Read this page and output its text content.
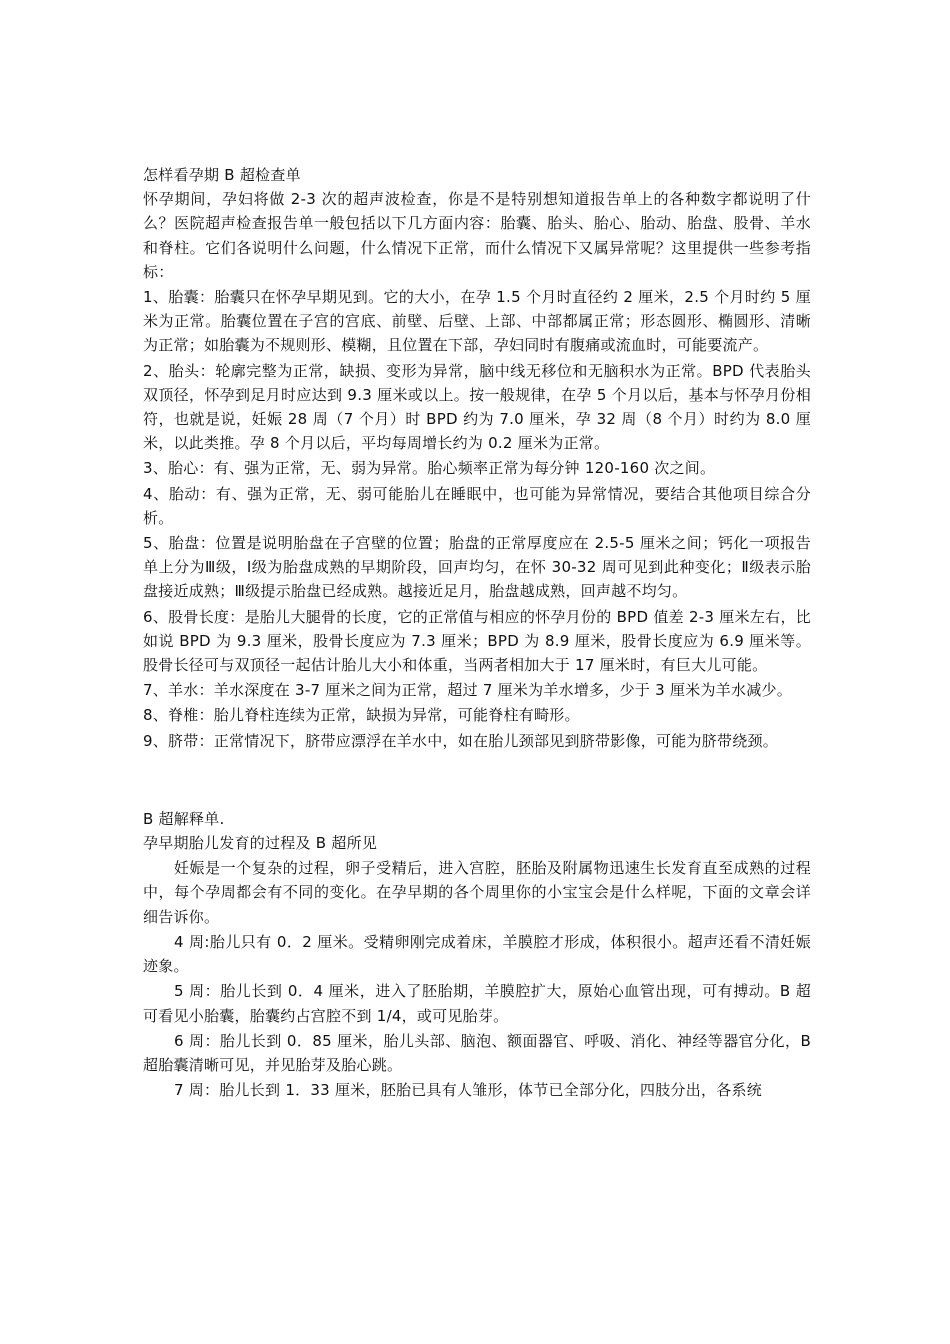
怎样看孕期 B 超检查单

怀孕期间，孕妇将做 2-3 次的超声波检查，你是不是特别想知道报告单上的各种数字都说明了什么？医院超声检查报告单一般包括以下几方面内容：胎囊、胎头、胎心、胎动、胎盘、股骨、羊水和脊柱。它们各说明什么问题，什么情况下正常，而什么情况下又属异常呢？这里提供一些参考指标：

1、胎囊：胎囊只在怀孕早期见到。它的大小，在孕 1.5 个月时直径约 2 厘米，2.5 个月时约 5 厘米为正常。胎囊位置在子宫的宫底、前壁、后壁、上部、中部都属正常；形态圆形、椭圆形、清晰为正常；如胎囊为不规则形、模糊，且位置在下部，孕妇同时有腹痛或流血时，可能要流产。

2、胎头：轮廓完整为正常，缺损、变形为异常，脑中线无移位和无脑积水为正常。BPD 代表胎头双顶径，怀孕到足月时应达到 9.3 厘米或以上。按一般规律，在孕 5 个月以后，基本与怀孕月份相符，也就是说，妊娠 28 周（7 个月）时 BPD 约为 7.0 厘米，孕 32 周（8 个月）时约为 8.0 厘米，以此类推。孕 8 个月以后，平均每周增长约为 0.2 厘米为正常。

3、胎心：有、强为正常，无、弱为异常。胎心频率正常为每分钟 120-160 次之间。

4、胎动：有、强为正常，无、弱可能胎儿在睡眠中，也可能为异常情况，要结合其他项目综合分析。

5、胎盘：位置是说明胎盘在子宫壁的位置；胎盘的正常厚度应在 2.5-5 厘米之间；钙化一项报告单上分为Ⅲ级，Ⅰ级为胎盘成熟的早期阶段，回声均匀，在怀 30-32 周可见到此种变化；Ⅱ级表示胎盘接近成熟；Ⅲ级提示胎盘已经成熟。越接近足月，胎盘越成熟，回声越不均匀。

6、股骨长度：是胎儿大腿骨的长度，它的正常值与相应的怀孕月份的 BPD 值差 2-3 厘米左右，比如说 BPD 为 9.3 厘米，股骨长度应为 7.3 厘米；BPD 为 8.9 厘米，股骨长度应为 6.9 厘米等。股骨长径可与双顶径一起估计胎儿大小和体重，当两者相加大于 17 厘米时，有巨大儿可能。

7、羊水：羊水深度在 3-7 厘米之间为正常，超过 7 厘米为羊水增多，少于 3 厘米为羊水减少。

8、脊椎：胎儿脊柱连续为正常，缺损为异常，可能脊柱有畸形。

9、脐带：正常情况下，脐带应漂浮在羊水中，如在胎儿颈部见到脐带影像，可能为脐带绕颈。

B 超解释单.

孕早期胎儿发育的过程及 B 超所见

妊娠是一个复杂的过程，卵子受精后，进入宫腔，胚胎及附属物迅速生长发育直至成熟的过程中，每个孕周都会有不同的变化。在孕早期的各个周里你的小宝宝会是什么样呢，下面的文章会详细告诉你。

4 周:胎儿只有 0．2 厘米。受精卵刚完成着床，羊膜腔才形成，体积很小。超声还看不清妊娠迹象。

5 周：胎儿长到 0．4 厘米，进入了胚胎期，羊膜腔扩大，原始心血管出现，可有搏动。B 超可看见小胎囊，胎囊约占宫腔不到 1/4，或可见胎芽。

6 周：胎儿长到 0．85 厘米，胎儿头部、脑泡、额面器官、呼吸、消化、神经等器官分化，B 超胎囊清晰可见，并见胎芽及胎心跳。

7 周：胎儿长到 1．33 厘米，胚胎已具有人雏形，体节已全部分化，四肢分出，各系统
